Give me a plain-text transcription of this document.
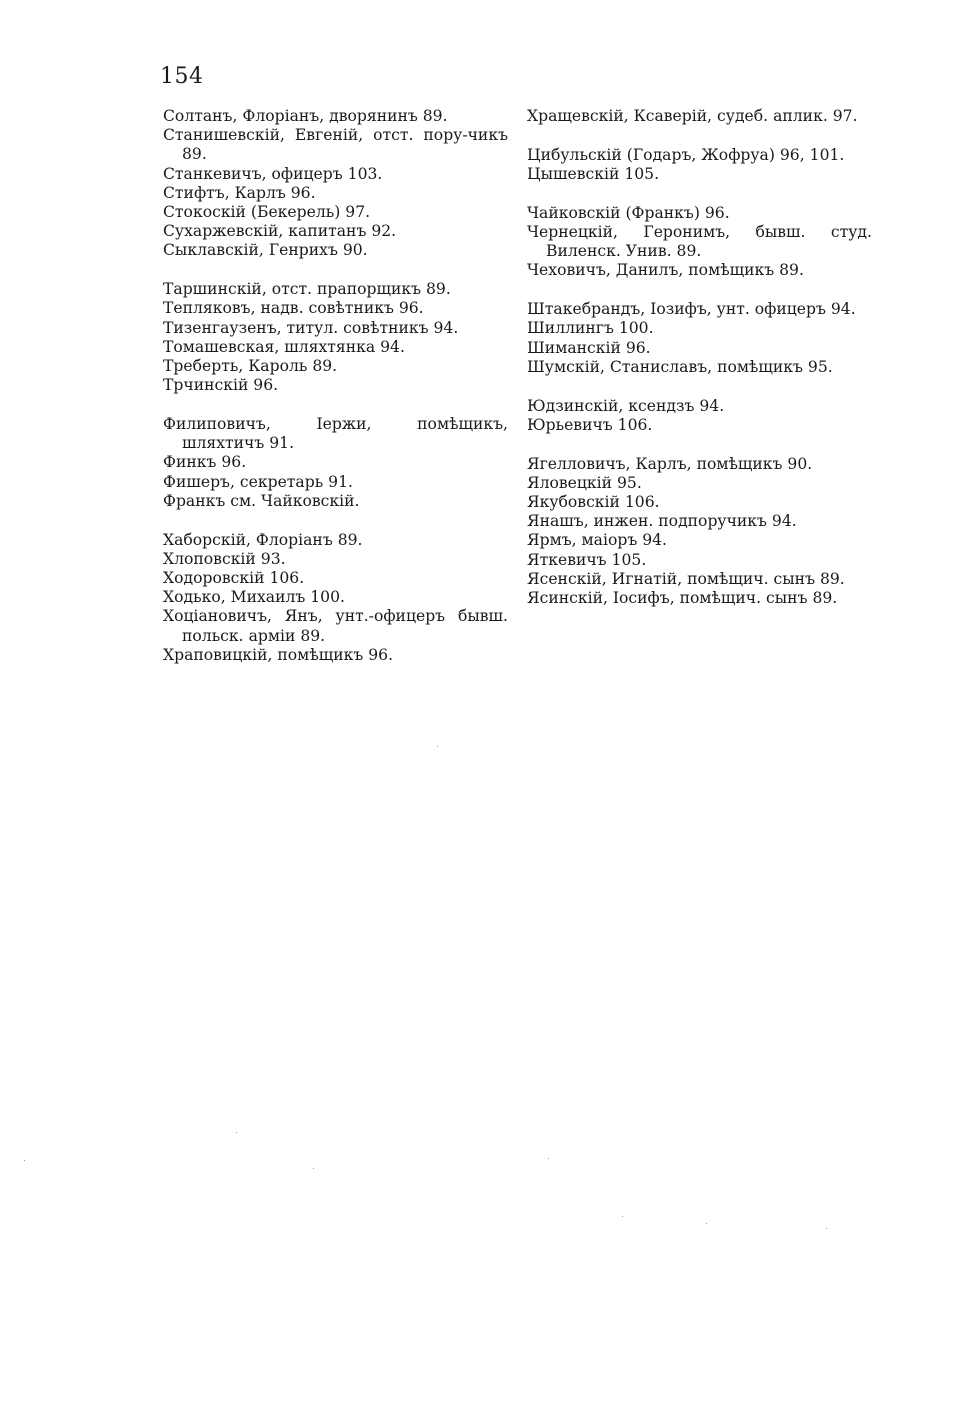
154
Солтанъ, Флоріанъ, дворянинъ 89.
Станишевскій, Евгеній, отст. пору-чикъ 89.
Станкевичъ, офицеръ 103.
Стифтъ, Карлъ 96.
Стокоскій (Бекерель) 97.
Сухаржевскій, капитанъ 92.
Сыклавскій, Генрихъ 90.
Таршинскій, отст. прапорщикъ 89.
Тепляковъ, надв. совѣтникъ 96.
Тизенгаузенъ, титул. совѣтникъ 94.
Томашевская, шляхтянка 94.
Треберть, Кароль 89.
Трчинскій 96.
Филиповичъ, Іержи, помѣщикъ, шляхтичъ 91.
Финкъ 96.
Фишеръ, секретарь 91.
Франкъ см. Чайковскій.
Хаборскій, Флоріанъ 89.
Хлоповскій 93.
Ходоровскій 106.
Ходько, Михаилъ 100.
Хоціановичъ, Янъ, унт.-офицеръ бывш. польск. арміи 89.
Храповицкій, помѣщикъ 96.
Хращевскій, Ксаверій, судеб. аплик. 97.
Цибульскій (Годаръ, Жофруа) 96, 101.
Цышевскій 105.
Чайковскій (Франкъ) 96.
Чернецкій, Геронимъ, бывш. студ. Виленск. Унив. 89.
Чеховичъ, Данилъ, помѣщикъ 89.
Штакебрандъ, Іозифъ, унт. офицеръ 94.
Шиллингъ 100.
Шиманскій 96.
Шумскій, Станиславъ, помѣщикъ 95.
Юдзинскій, ксендзъ 94.
Юрьевичъ 106.
Ягелловичъ, Карлъ, помѣщикъ 90.
Яловецкій 95.
Якубовскій 106.
Янашъ, инжен. подпоручикъ 94.
Ярмъ, маіоръ 94.
Яткевичъ 105.
Ясенскій, Игнатій, помѣщич. сынъ 89.
Ясинскій, Іосифъ, помѣщич. сынъ 89.
